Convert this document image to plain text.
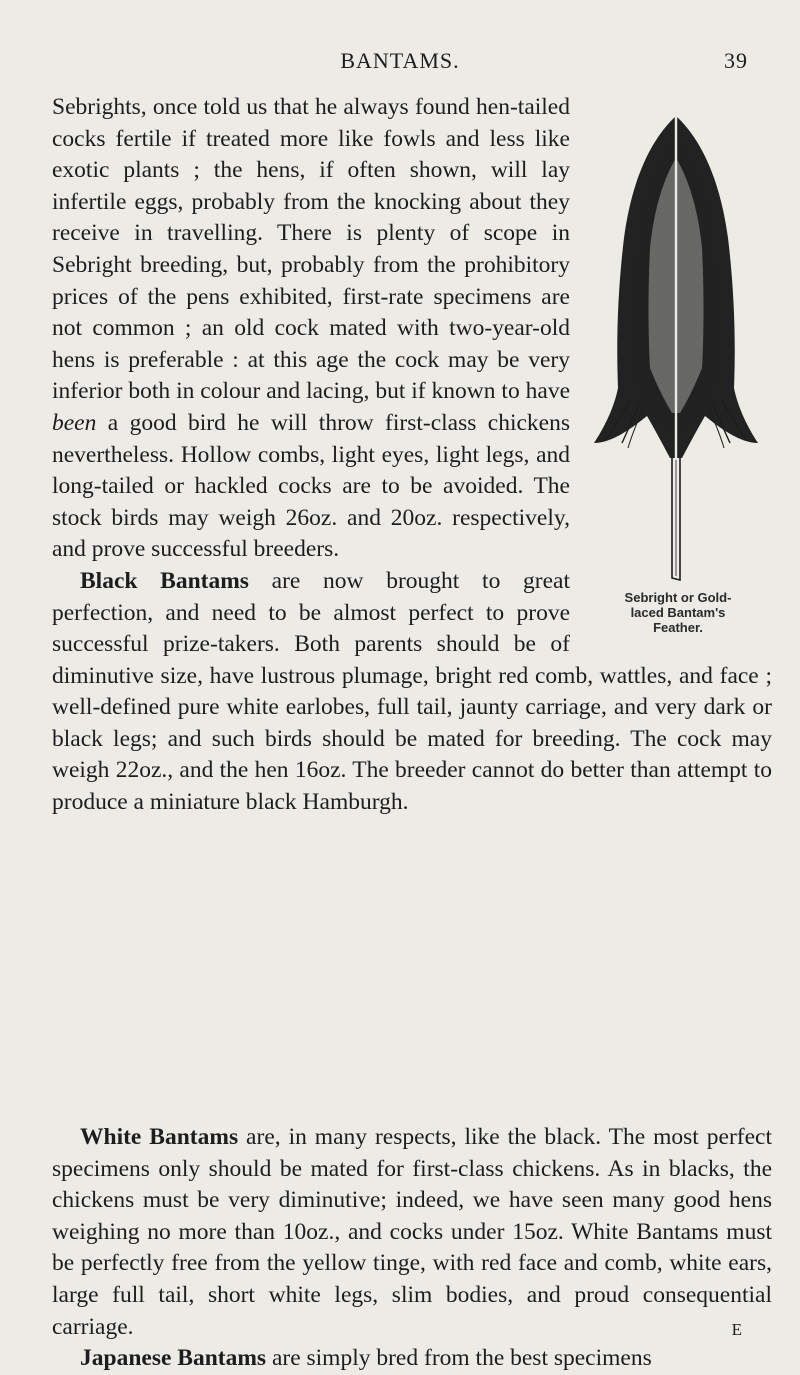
BANTAMS.	39
Sebright or Gold-
laced Bantam's
Feather.

Sebrights, once told us that he always found hen-tailed cocks fertile if treated more like fowls and less like exotic plants ; the hens, if often shown, will lay infertile eggs, probably from the knocking about they receive in travelling. There is plenty of scope in Sebright breeding, but, probably from the prohibitory prices of the pens exhibited, first-rate specimens are not common ; an old cock mated with two-year-old hens is preferable : at this age the cock may be very inferior both in colour and lacing, but if known to have been a good bird he will throw first-class chickens nevertheless. Hollow combs, light eyes, light legs, and long-tailed or hackled cocks are to be avoided. The stock birds may weigh 26oz. and 20oz. respectively, and prove successful breeders.

Black Bantams are now brought to great perfection, and need to be almost perfect to prove successful prize-takers. Both parents should be of diminutive size, have lustrous plumage, bright red comb, wattles, and face ; well-defined pure white earlobes, full tail, jaunty carriage, and very dark or black legs; and such birds should be mated for breeding. The cock may weigh 22oz., and the hen 16oz. The breeder cannot do better than attempt to produce a miniature black Hamburgh.

White Bantams are, in many respects, like the black. The most perfect specimens only should be mated for first-class chickens. As in blacks, the chickens must be very diminutive; indeed, we have seen many good hens weighing no more than 10oz., and cocks under 15oz. White Bantams must be perfectly free from the yellow tinge, with red face and comb, white ears, large full tail, short white legs, slim bodies, and proud consequential carriage.

Japanese Bantams are simply bred from the best specimens

E
